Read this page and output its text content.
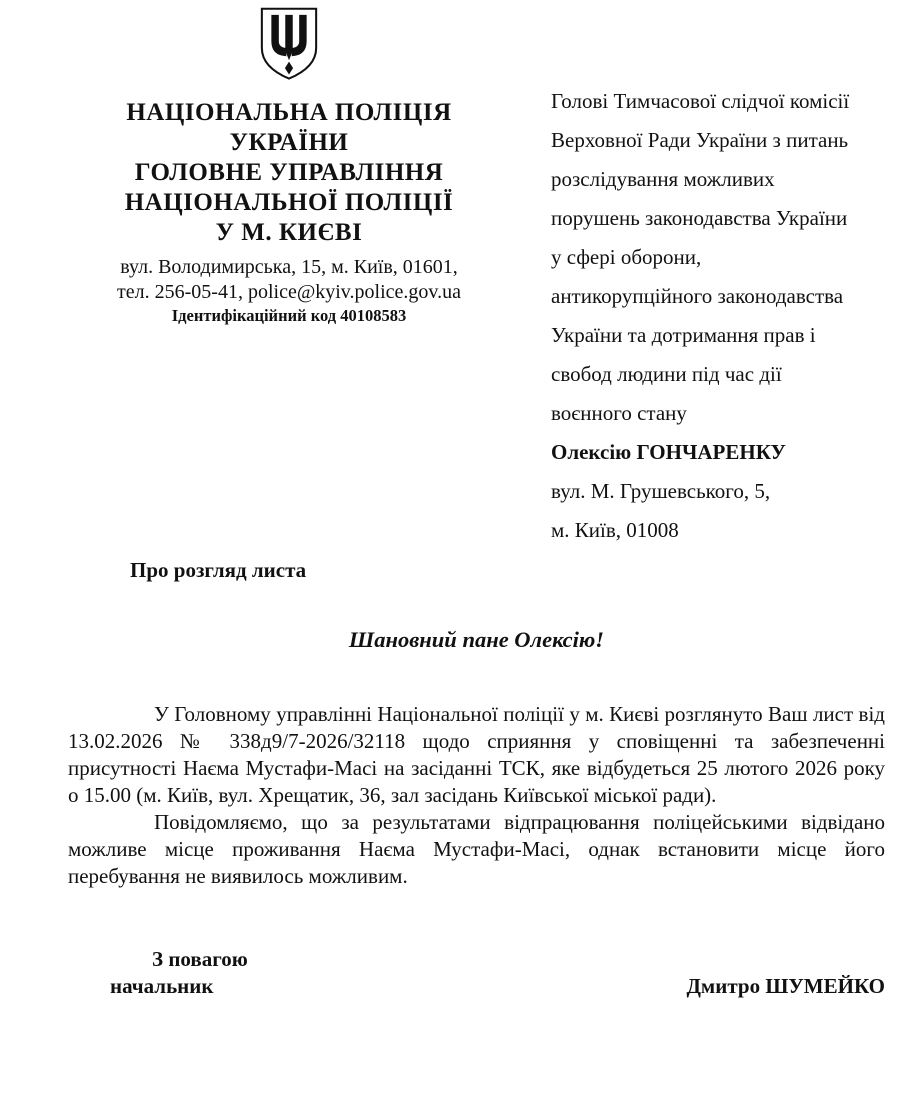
НАЦІОНАЛЬНА ПОЛІЦІЯ
УКРАЇНИ
ГОЛОВНЕ УПРАВЛІННЯ
НАЦІОНАЛЬНОЇ ПОЛІЦІЇ
У М. КИЄВІ
вул. Володимирська, 15, м. Київ, 01601,
тел. 256-05-41, police@kyiv.police.gov.ua
Ідентифікаційний код 40108583
Голові Тимчасової слідчої комісії
Верховної Ради України з питань
розслідування можливих
порушень законодавства України
у сфері оборони,
антикорупційного законодавства
України та дотримання прав і
свобод людини під час дії
воєнного стану
Олексію ГОНЧАРЕНКУ
вул. М. Грушевського, 5,
м. Київ, 01008
Про розгляд листа
Шановний пане Олексію!

У Головному управлінні Національної поліції у м. Києві розглянуто Ваш лист від 13.02.2026 № 338д9/7-2026/32118 щодо сприяння у сповіщенні та забезпеченні присутності Наєма Мустафи-Масі на засіданні ТСК, яке відбудеться 25 лютого 2026 року о 15.00 (м. Київ, вул. Хрещатик, 36, зал засідань Київської міської ради).

Повідомляємо, що за результатами відпрацювання поліцейськими відвідано можливе місце проживання Наєма Мустафи-Масі, однак встановити місце його перебування не виявилось можливим.

З повагою
начальник	Дмитро ШУМЕЙКО
